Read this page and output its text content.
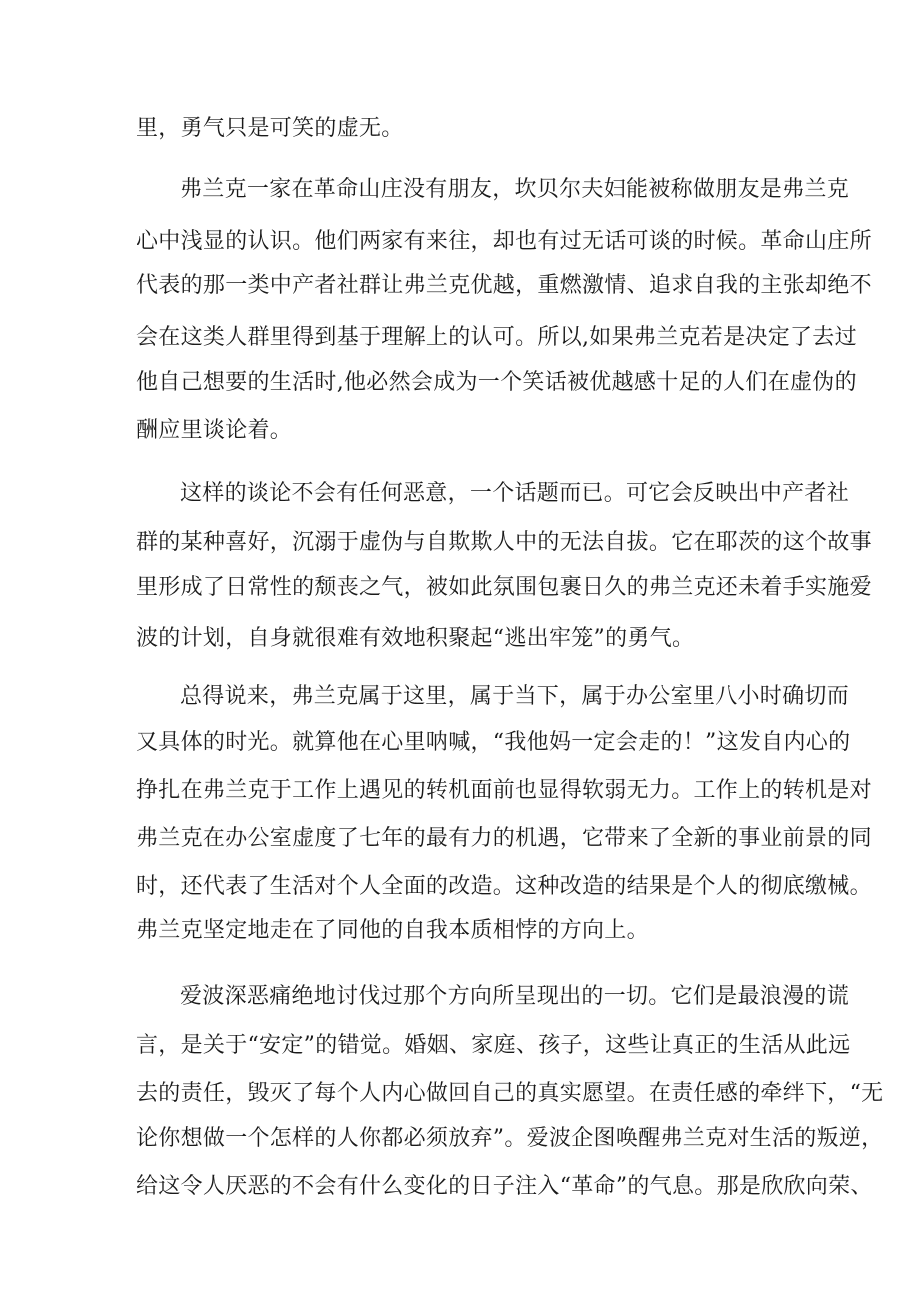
里，勇气只是可笑的虚无。
弗兰克一家在革命山庄没有朋友，坎贝尔夫妇能被称做朋友是弗兰克
心中浅显的认识。他们两家有来往，却也有过无话可谈的时候。革命山庄所
代表的那一类中产者社群让弗兰克优越，重燃激情、追求自我的主张却绝不
会在这类人群里得到基于理解上的认可。所以,如果弗兰克若是决定了去过
他自己想要的生活时,他必然会成为一个笑话被优越感十足的人们在虚伪的
酬应里谈论着。
这样的谈论不会有任何恶意，一个话题而已。可它会反映出中产者社
群的某种喜好，沉溺于虚伪与自欺欺人中的无法自拔。它在耶茨的这个故事
里形成了日常性的颓丧之气，被如此氛围包裹日久的弗兰克还未着手实施爱
波的计划，自身就很难有效地积聚起“逃出牢笼”的勇气。
总得说来，弗兰克属于这里，属于当下，属于办公室里八小时确切而
又具体的时光。就算他在心里呐喊，“我他妈一定会走的！”这发自内心的
挣扎在弗兰克于工作上遇见的转机面前也显得软弱无力。工作上的转机是对
弗兰克在办公室虚度了七年的最有力的机遇，它带来了全新的事业前景的同
时，还代表了生活对个人全面的改造。这种改造的结果是个人的彻底缴械。
弗兰克坚定地走在了同他的自我本质相悖的方向上。
爱波深恶痛绝地讨伐过那个方向所呈现出的一切。它们是最浪漫的谎
言，是关于“安定”的错觉。婚姻、家庭、孩子，这些让真正的生活从此远
去的责任，毁灭了每个人内心做回自己的真实愿望。在责任感的牵绊下，“无
论你想做一个怎样的人你都必须放弃”。爱波企图唤醒弗兰克对生活的叛逆，
给这令人厌恶的不会有什么变化的日子注入“革命”的气息。那是欣欣向荣、
